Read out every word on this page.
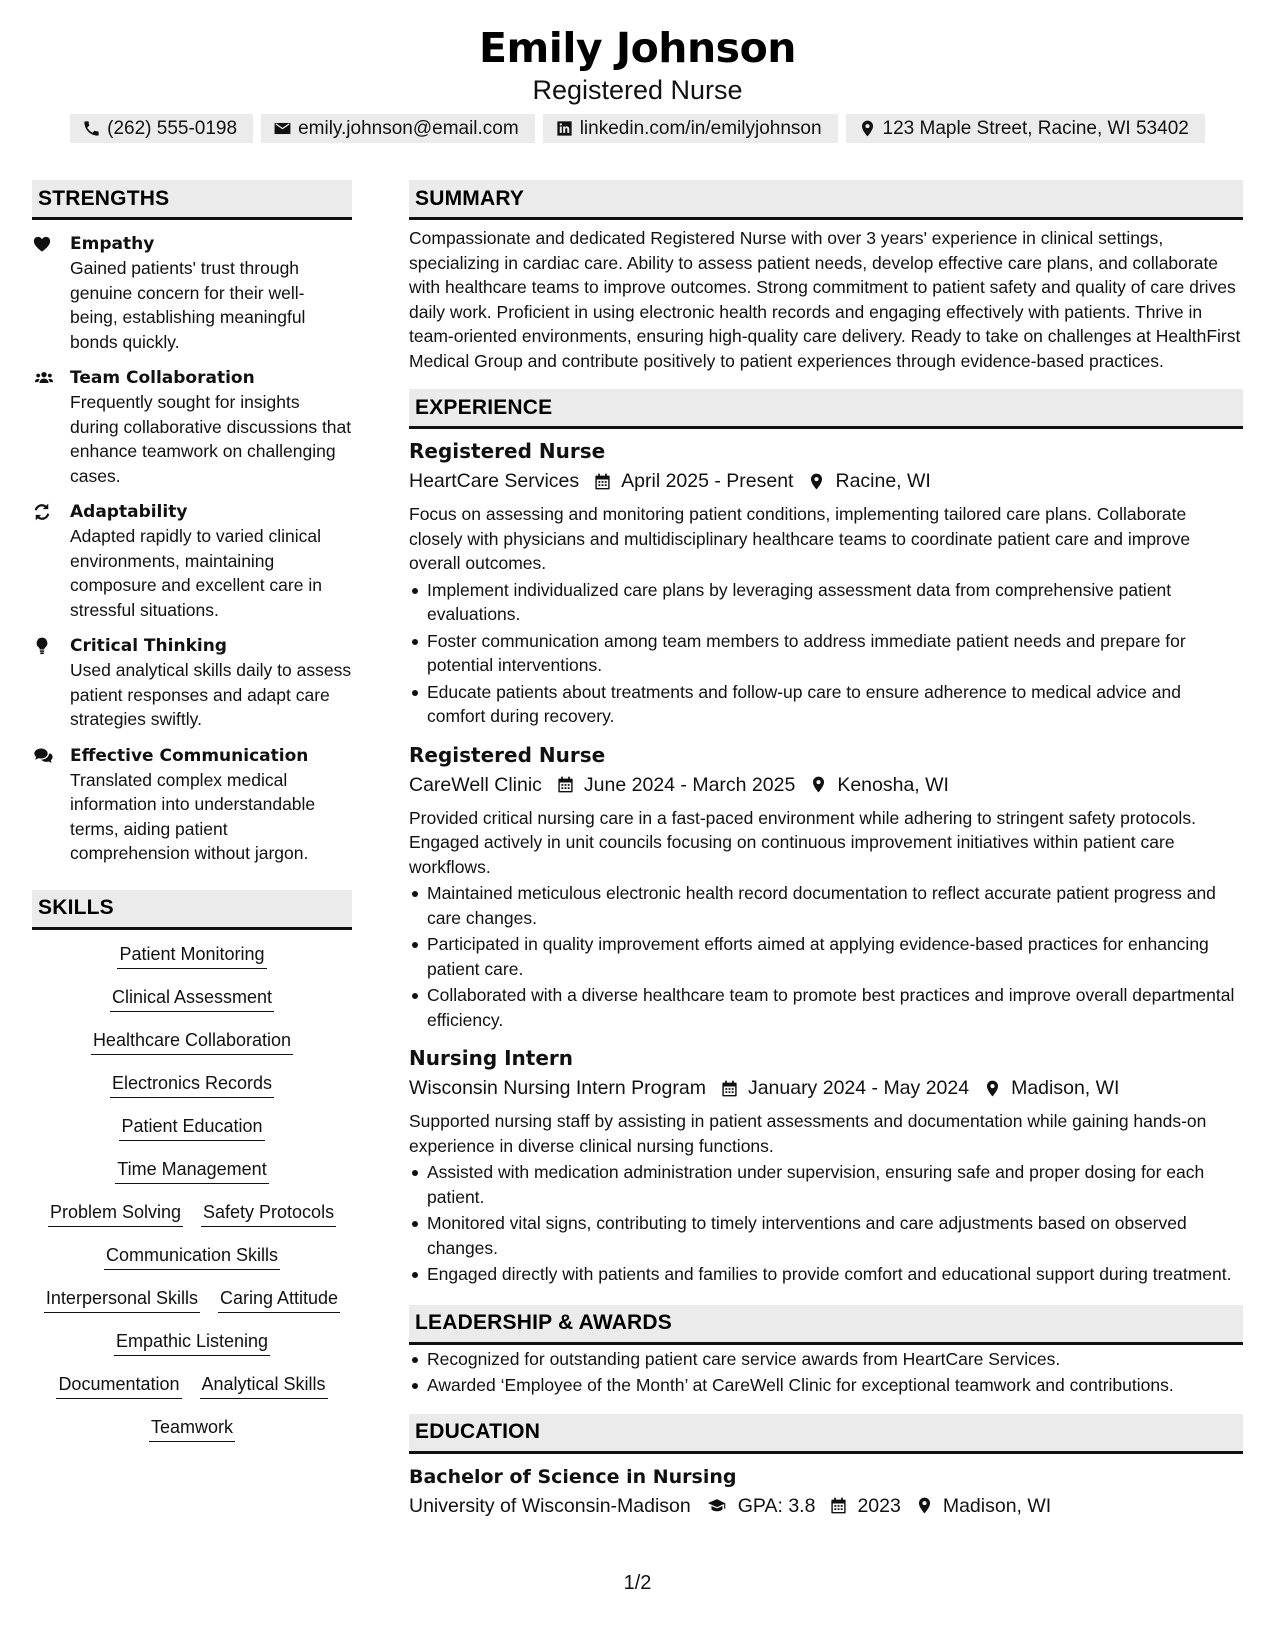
Emily Johnson
Registered Nurse
(262) 555-0198	emily.johnson@email.com	linkedin.com/in/emilyjohnson	123 Maple Street, Racine, WI 53402
STRENGTHS
Empathy
Gained patients' trust through genuine concern for their well-being, establishing meaningful bonds quickly.
Team Collaboration
Frequently sought for insights during collaborative discussions that enhance teamwork on challenging cases.
Adaptability
Adapted rapidly to varied clinical environments, maintaining composure and excellent care in stressful situations.
Critical Thinking
Used analytical skills daily to assess patient responses and adapt care strategies swiftly.
Effective Communication
Translated complex medical information into understandable terms, aiding patient comprehension without jargon.
SKILLS
Patient Monitoring
Clinical Assessment
Healthcare Collaboration
Electronics Records
Patient Education
Time Management
Problem Solving Safety Protocols
Communication Skills
Interpersonal Skills Caring Attitude
Empathic Listening
Documentation Analytical Skills
Teamwork
SUMMARY
Compassionate and dedicated Registered Nurse with over 3 years' experience in clinical settings, specializing in cardiac care. Ability to assess patient needs, develop effective care plans, and collaborate with healthcare teams to improve outcomes. Strong commitment to patient safety and quality of care drives daily work. Proficient in using electronic health records and engaging effectively with patients. Thrive in team-oriented environments, ensuring high-quality care delivery. Ready to take on challenges at HealthFirst Medical Group and contribute positively to patient experiences through evidence-based practices.
EXPERIENCE
Registered Nurse
HeartCare Services April 2025 - Present Racine, WI
Focus on assessing and monitoring patient conditions, implementing tailored care plans. Collaborate closely with physicians and multidisciplinary healthcare teams to coordinate patient care and improve overall outcomes.
Implement individualized care plans by leveraging assessment data from comprehensive patient evaluations.
Foster communication among team members to address immediate patient needs and prepare for potential interventions.
Educate patients about treatments and follow-up care to ensure adherence to medical advice and comfort during recovery.
Registered Nurse
CareWell Clinic June 2024 - March 2025 Kenosha, WI
Provided critical nursing care in a fast-paced environment while adhering to stringent safety protocols. Engaged actively in unit councils focusing on continuous improvement initiatives within patient care workflows.
Maintained meticulous electronic health record documentation to reflect accurate patient progress and care changes.
Participated in quality improvement efforts aimed at applying evidence-based practices for enhancing patient care.
Collaborated with a diverse healthcare team to promote best practices and improve overall departmental efficiency.
Nursing Intern
Wisconsin Nursing Intern Program January 2024 - May 2024 Madison, WI
Supported nursing staff by assisting in patient assessments and documentation while gaining hands-on experience in diverse clinical nursing functions.
Assisted with medication administration under supervision, ensuring safe and proper dosing for each patient.
Monitored vital signs, contributing to timely interventions and care adjustments based on observed changes.
Engaged directly with patients and families to provide comfort and educational support during treatment.
LEADERSHIP & AWARDS
Recognized for outstanding patient care service awards from HeartCare Services.
Awarded ‘Employee of the Month’ at CareWell Clinic for exceptional teamwork and contributions.
EDUCATION
Bachelor of Science in Nursing
University of Wisconsin-Madison GPA: 3.8 2023 Madison, WI
1/2
